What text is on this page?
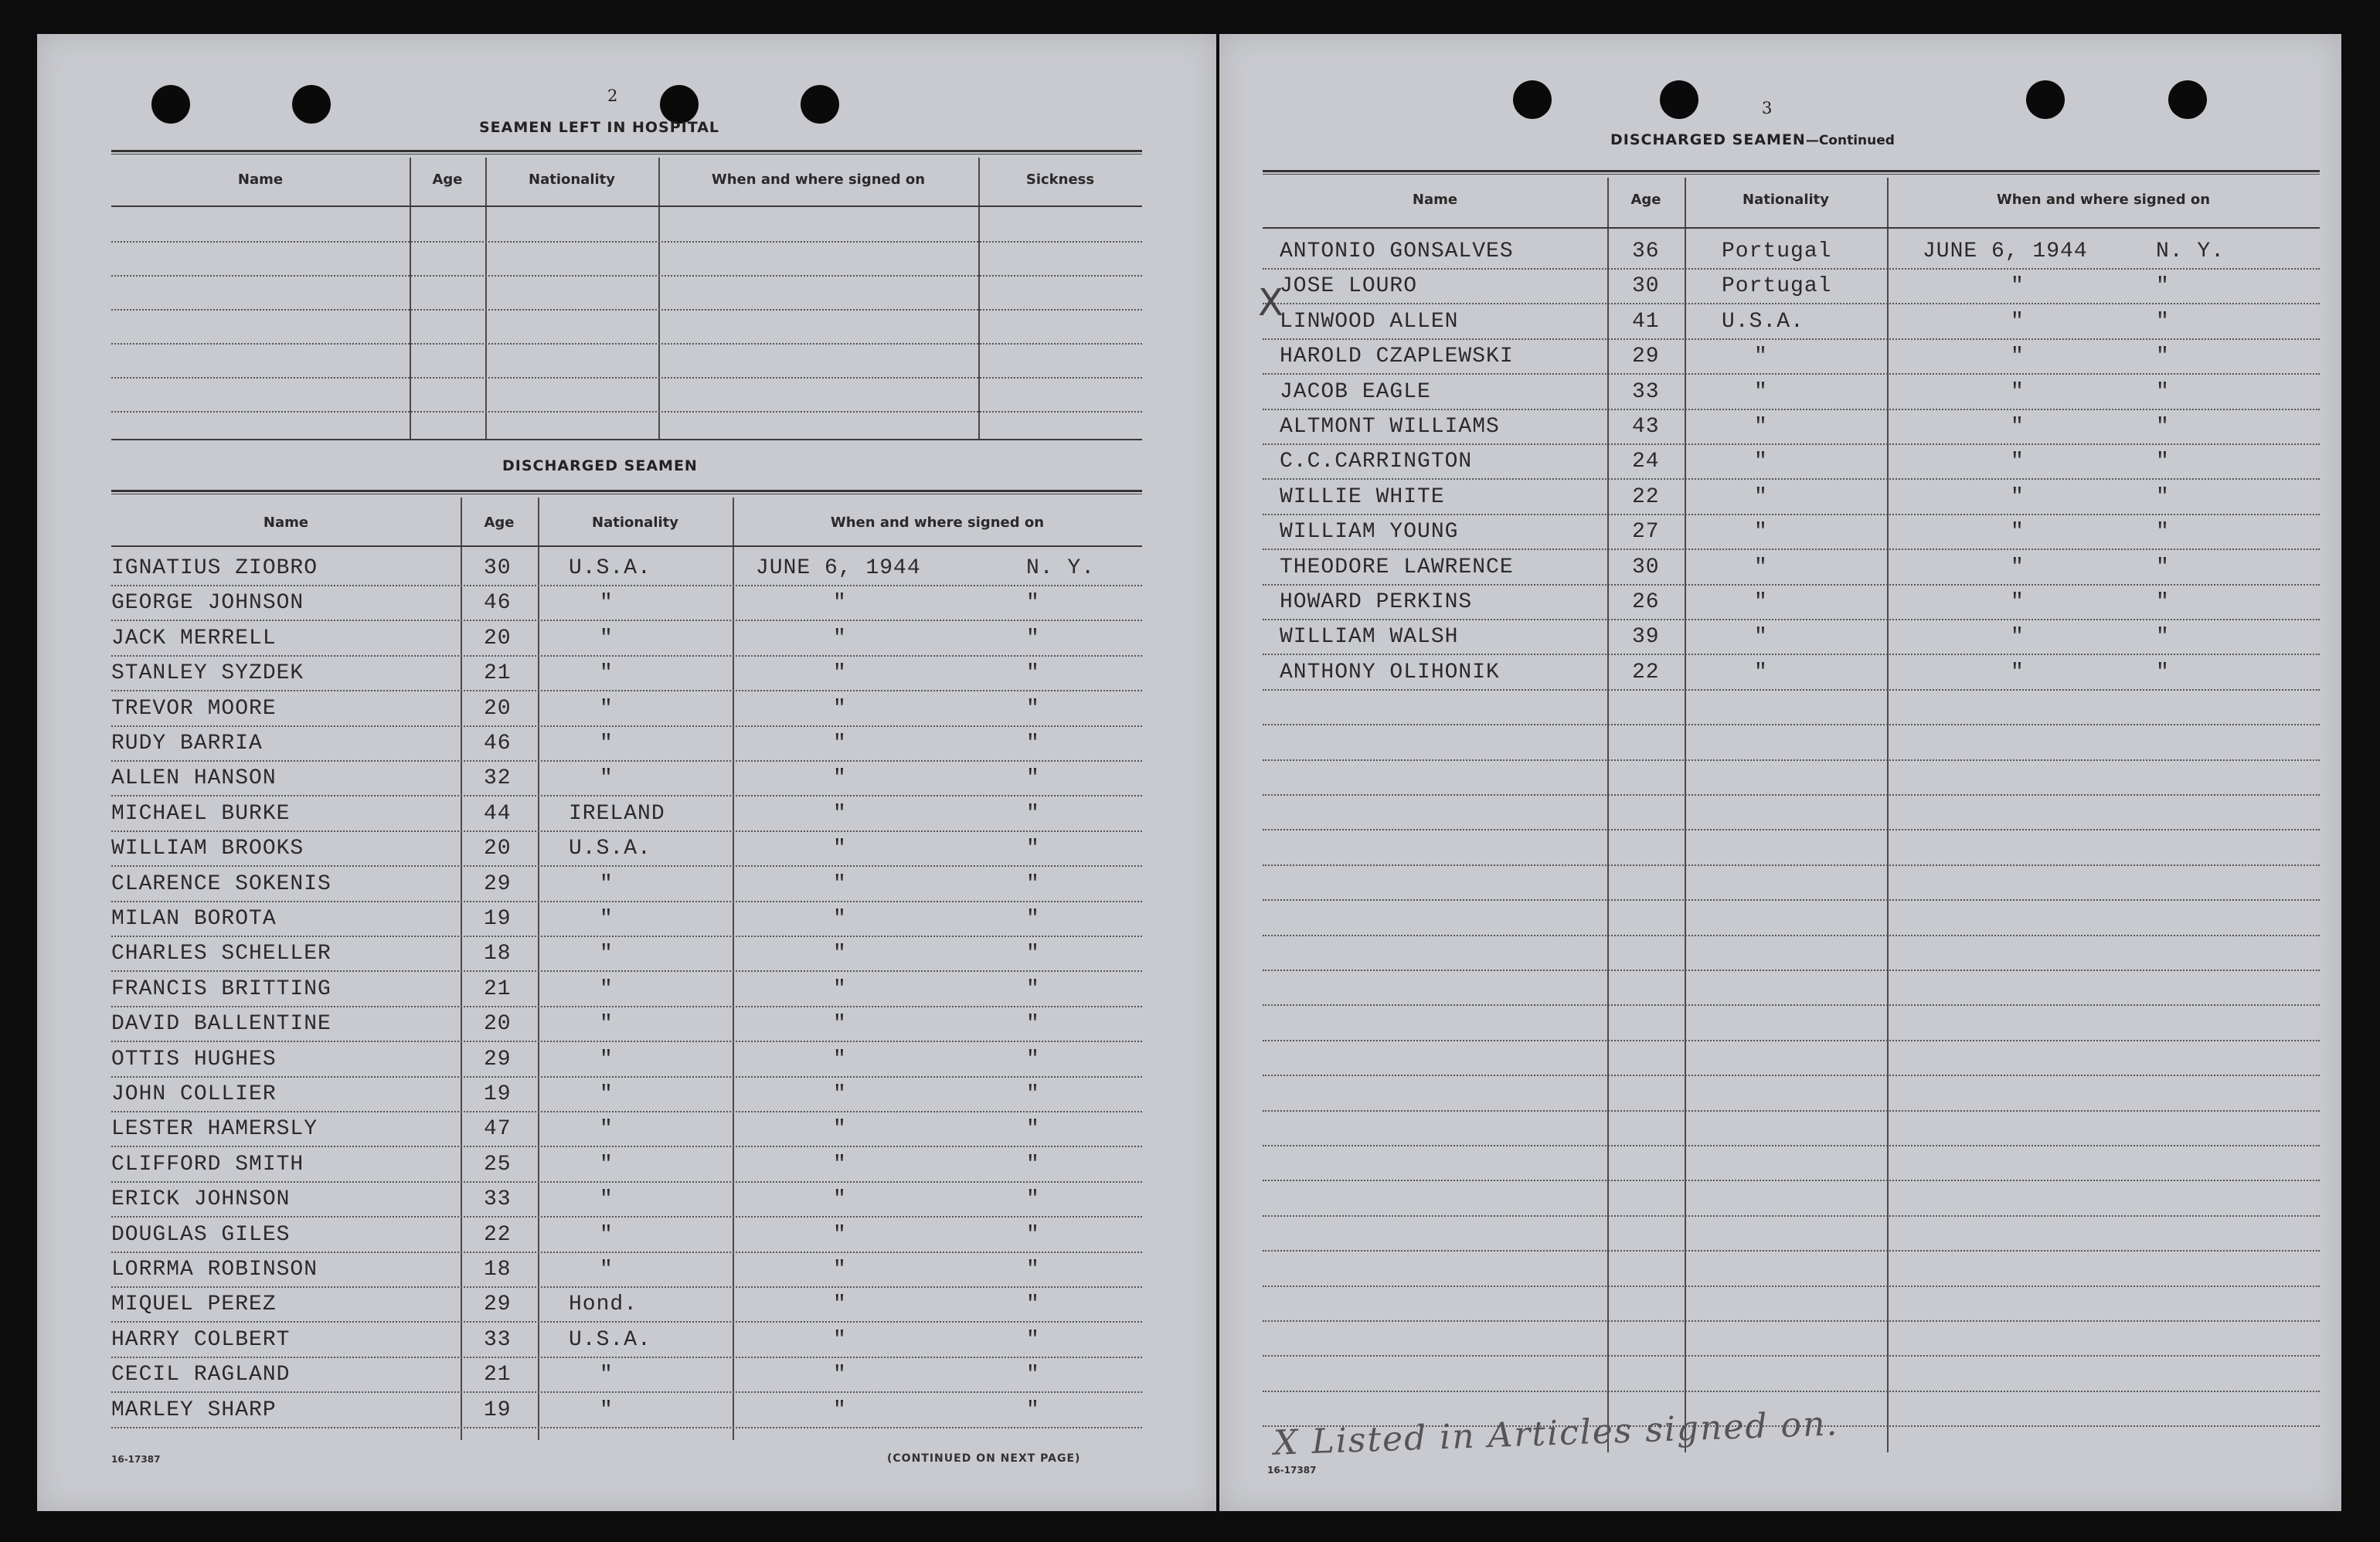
2
SEAMEN LEFT IN HOSPITAL
Name	Age	Nationality	When and where signed on	Sickness
DISCHARGED SEAMEN
Name	Age	Nationality	When and where signed on
IGNATIUS ZIOBRO	30	U.S.A.	JUNE 6, 1944	N. Y.
GEORGE JOHNSON	46	"	"	"
JACK MERRELL	20	"	"	"
STANLEY SYZDEK	21	"	"	"
TREVOR MOORE	20	"	"	"
RUDY BARRIA	46	"	"	"
ALLEN HANSON	32	"	"	"
MICHAEL BURKE	44	IRELAND	"	"
WILLIAM BROOKS	20	U.S.A.	"	"
CLARENCE SOKENIS	29	"	"	"
MILAN BOROTA	19	"	"	"
CHARLES SCHELLER	18	"	"	"
FRANCIS BRITTING	21	"	"	"
DAVID BALLENTINE	20	"	"	"
OTTIS HUGHES	29	"	"	"
JOHN COLLIER	19	"	"	"
LESTER HAMERSLY	47	"	"	"
CLIFFORD SMITH	25	"	"	"
ERICK JOHNSON	33	"	"	"
DOUGLAS GILES	22	"	"	"
LORRMA ROBINSON	18	"	"	"
MIQUEL PEREZ	29	Hond.	"	"
HARRY COLBERT	33	U.S.A.	"	"
CECIL RAGLAND	21	"	"	"
MARLEY SHARP	19	"	"	"
16-17387	(CONTINUED ON NEXT PAGE)
3
DISCHARGED SEAMEN—Continued
Name	Age	Nationality	When and where signed on
ANTONIO GONSALVES	36	Portugal	JUNE 6, 1944	N. Y.
JOSE LOURO	30	Portugal	"	"
LINWOOD ALLEN	41	U.S.A.	"	"
HAROLD CZAPLEWSKI	29	"	"	"
JACOB EAGLE	33	"	"	"
ALTMONT WILLIAMS	43	"	"	"
C.C.CARRINGTON	24	"	"	"
WILLIE WHITE	22	"	"	"
WILLIAM YOUNG	27	"	"	"
THEODORE LAWRENCE	30	"	"	"
HOWARD PERKINS	26	"	"	"
WILLIAM WALSH	39	"	"	"
ANTHONY OLIHONIK	22	"	"	"
X
X Listed in Articles signed on.
16-17387
